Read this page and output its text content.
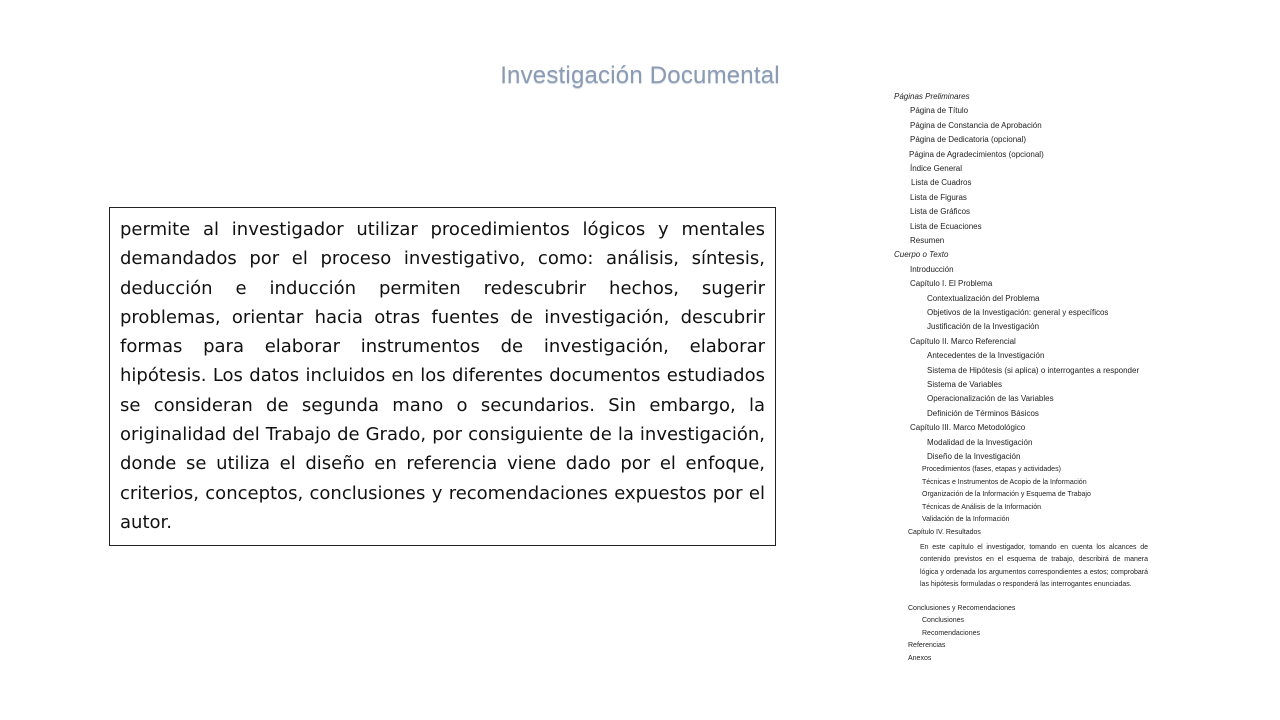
Investigación Documental
permite al investigador utilizar procedimientos lógicos y mentales demandados por el proceso investigativo, como: análisis, síntesis, deducción e inducción permiten redescubrir hechos, sugerir problemas, orientar hacia otras fuentes de investigación, descubrir formas para elaborar instrumentos de investigación, elaborar hipótesis. Los datos incluidos en los diferentes documentos estudiados se consideran de segunda mano o secundarios. Sin embargo, la originalidad del Trabajo de Grado, por consiguiente de la investigación, donde se utiliza el diseño en referencia viene dado por el enfoque, criterios, conceptos, conclusiones y recomendaciones expuestos por el autor.
Páginas Preliminares
Página de Título
Página de Constancia de Aprobación
Página de Dedicatoria (opcional)
Página de Agradecimientos (opcional)
Índice General
Lista de Cuadros
Lista de Figuras
Lista de Gráficos
Lista de Ecuaciones
Resumen
Cuerpo o Texto
Introducción
Capítulo I. El Problema
Contextualización del Problema
Objetivos de la Investigación: general y específicos
Justificación de la Investigación
Capítulo II. Marco Referencial
Antecedentes de la Investigación
Sistema de Hipótesis (si aplica) o interrogantes a responder
Sistema de Variables
Operacionalización de las Variables
Definición de Términos Básicos
Capítulo III. Marco Metodológico
Modalidad de la Investigación
Diseño de la Investigación
Procedimientos (fases, etapas y actividades)
Técnicas e Instrumentos de Acopio de la Información
Organización de la Información y Esquema de Trabajo
Técnicas de Análisis de la Información
Validación de la Información
Capítulo IV. Resultados
En este capítulo el investigador, tomando en cuenta los alcances de contenido previstos en el esquema de trabajo, describirá de manera lógica y ordenada los argumentos correspondientes a estos; comprobará las hipótesis formuladas o responderá las interrogantes enunciadas.
Conclusiones y Recomendaciones
Conclusiones
Recomendaciones
Referencias
Anexos
